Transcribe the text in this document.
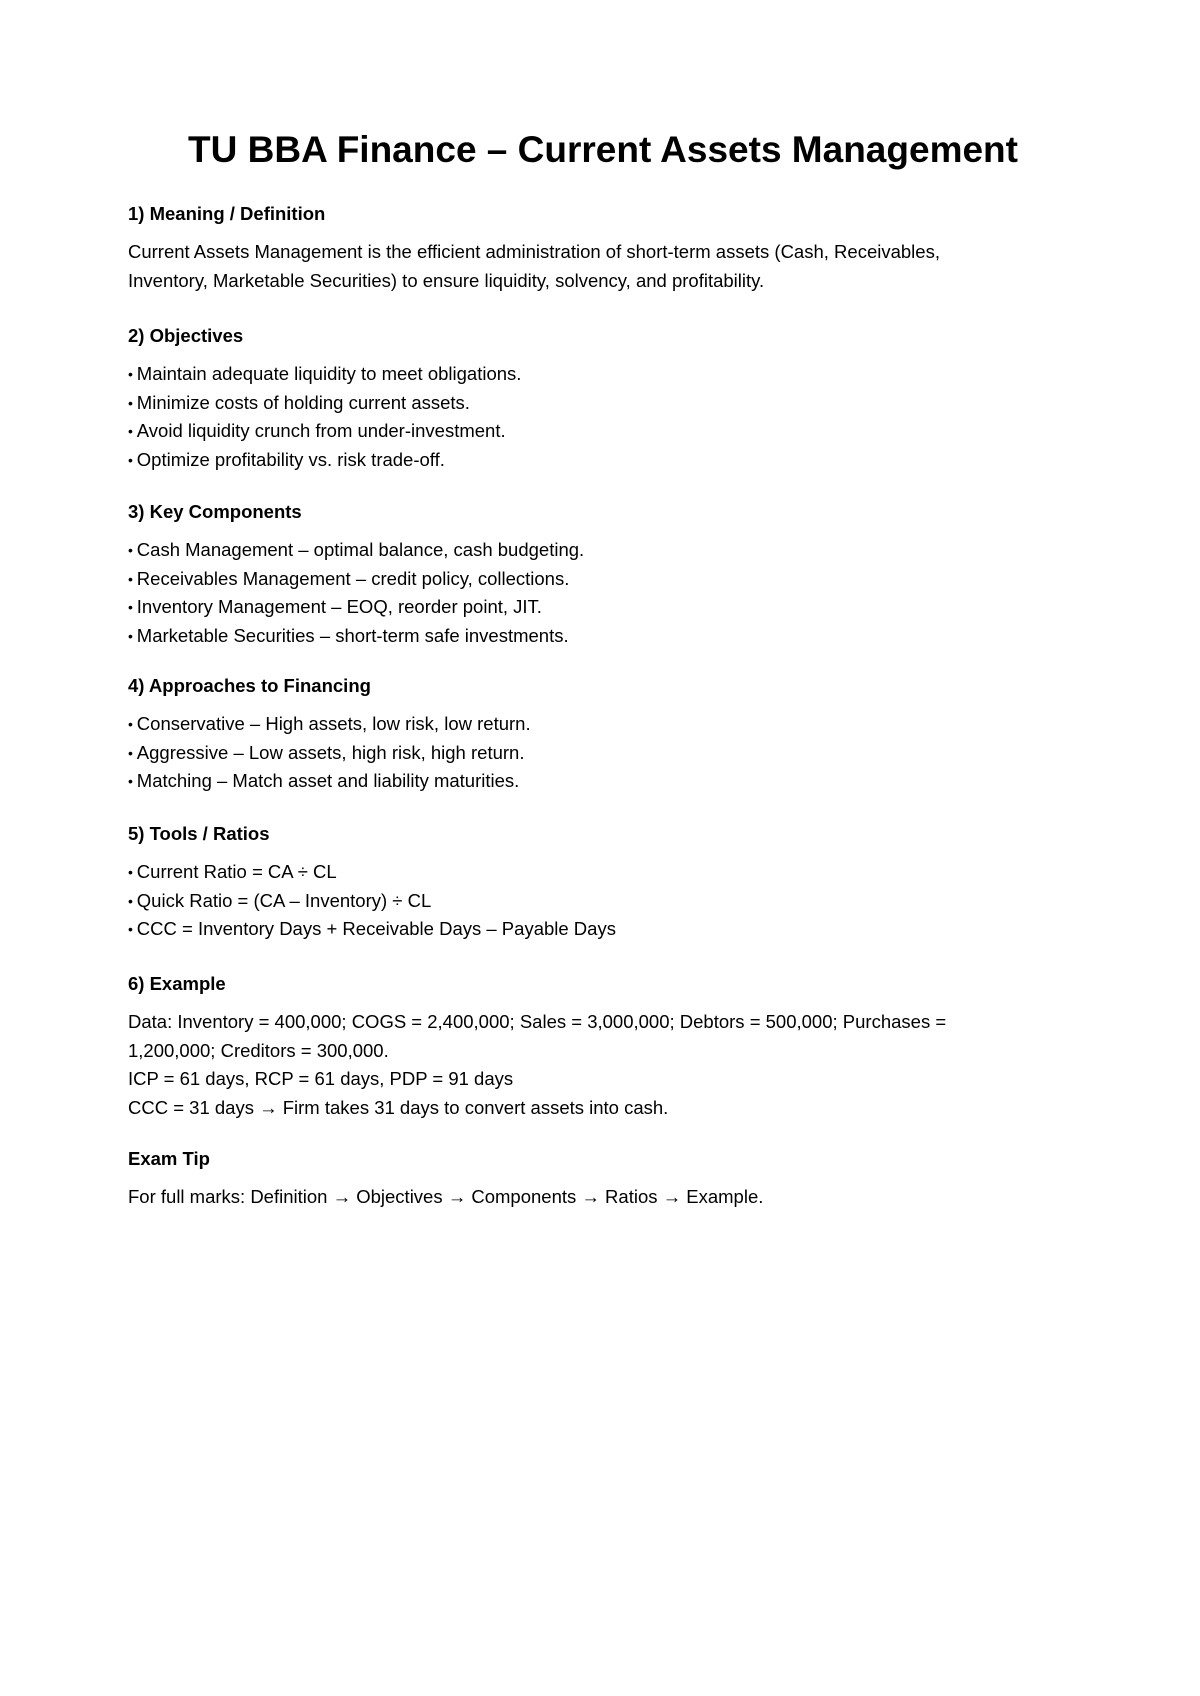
TU BBA Finance – Current Assets Management
1) Meaning / Definition

Current Assets Management is the efficient administration of short-term assets (Cash, Receivables,

Inventory, Marketable Securities) to ensure liquidity, solvency, and profitability.

2) Objectives
• Maintain adequate liquidity to meet obligations.
• Minimize costs of holding current assets.
• Avoid liquidity crunch from under-investment.
• Optimize profitability vs. risk trade-off.
3) Key Components
• Cash Management – optimal balance, cash budgeting.
• Receivables Management – credit policy, collections.
• Inventory Management – EOQ, reorder point, JIT.
• Marketable Securities – short-term safe investments.
4) Approaches to Financing
• Conservative – High assets, low risk, low return.
• Aggressive – Low assets, high risk, high return.
• Matching – Match asset and liability maturities.
5) Tools / Ratios
• Current Ratio = CA ÷ CL
• Quick Ratio = (CA – Inventory) ÷ CL
• CCC = Inventory Days + Receivable Days – Payable Days
6) Example

Data: Inventory = 400,000; COGS = 2,400,000; Sales = 3,000,000; Debtors = 500,000; Purchases =

1,200,000; Creditors = 300,000.

ICP = 61 days, RCP = 61 days, PDP = 91 days

CCC = 31 days → Firm takes 31 days to convert assets into cash.

Exam Tip

For full marks: Definition → Objectives → Components → Ratios → Example.
